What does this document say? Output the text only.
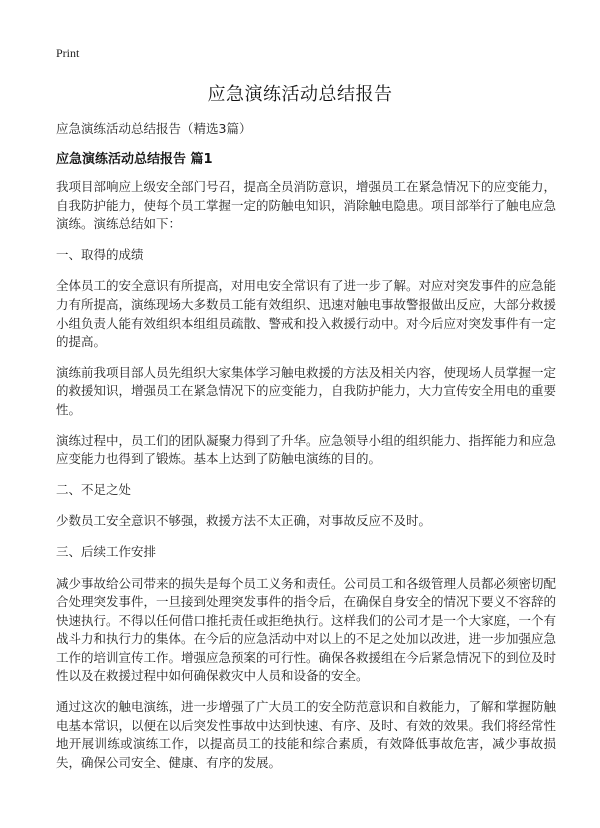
Print
应急演练活动总结报告

应急演练活动总结报告（精选3篇）

应急演练活动总结报告 篇1

我项目部响应上级安全部门号召，提高全员消防意识，增强员工在紧急情况下的应变能力，自我防护能力，使每个员工掌握一定的防触电知识，消除触电隐患。项目部举行了触电应急演练。演练总结如下：

一、取得的成绩

全体员工的安全意识有所提高，对用电安全常识有了进一步了解。对应对突发事件的应急能力有所提高，演练现场大多数员工能有效组织、迅速对触电事故警报做出反应，大部分救援小组负责人能有效组织本组组员疏散、警戒和投入救援行动中。对今后应对突发事件有一定的提高。

演练前我项目部人员先组织大家集体学习触电救援的方法及相关内容，使现场人员掌握一定的救援知识，增强员工在紧急情况下的应变能力，自我防护能力，大力宣传安全用电的重要性。

演练过程中，员工们的团队凝聚力得到了升华。应急领导小组的组织能力、指挥能力和应急应变能力也得到了锻炼。基本上达到了防触电演练的目的。

二、不足之处

少数员工安全意识不够强，救援方法不太正确，对事故反应不及时。

三、后续工作安排

减少事故给公司带来的损失是每个员工义务和责任。公司员工和各级管理人员都必须密切配合处理突发事件，一旦接到处理突发事件的指令后，在确保自身安全的情况下要义不容辞的快速执行。不得以任何借口推托责任或拒绝执行。这样我们的公司才是一个大家庭，一个有战斗力和执行力的集体。在今后的应急活动中对以上的不足之处加以改进，进一步加强应急工作的培训宣传工作。增强应急预案的可行性。确保各救援组在今后紧急情况下的到位及时性以及在救援过程中如何确保救灾中人员和设备的安全。

通过这次的触电演练，进一步增强了广大员工的安全防范意识和自救能力，了解和掌握防触电基本常识，以便在以后突发性事故中达到快速、有序、及时、有效的效果。我们将经常性地开展训练或演练工作，以提高员工的技能和综合素质，有效降低事故危害，减少事故损失，确保公司安全、健康、有序的发展。
